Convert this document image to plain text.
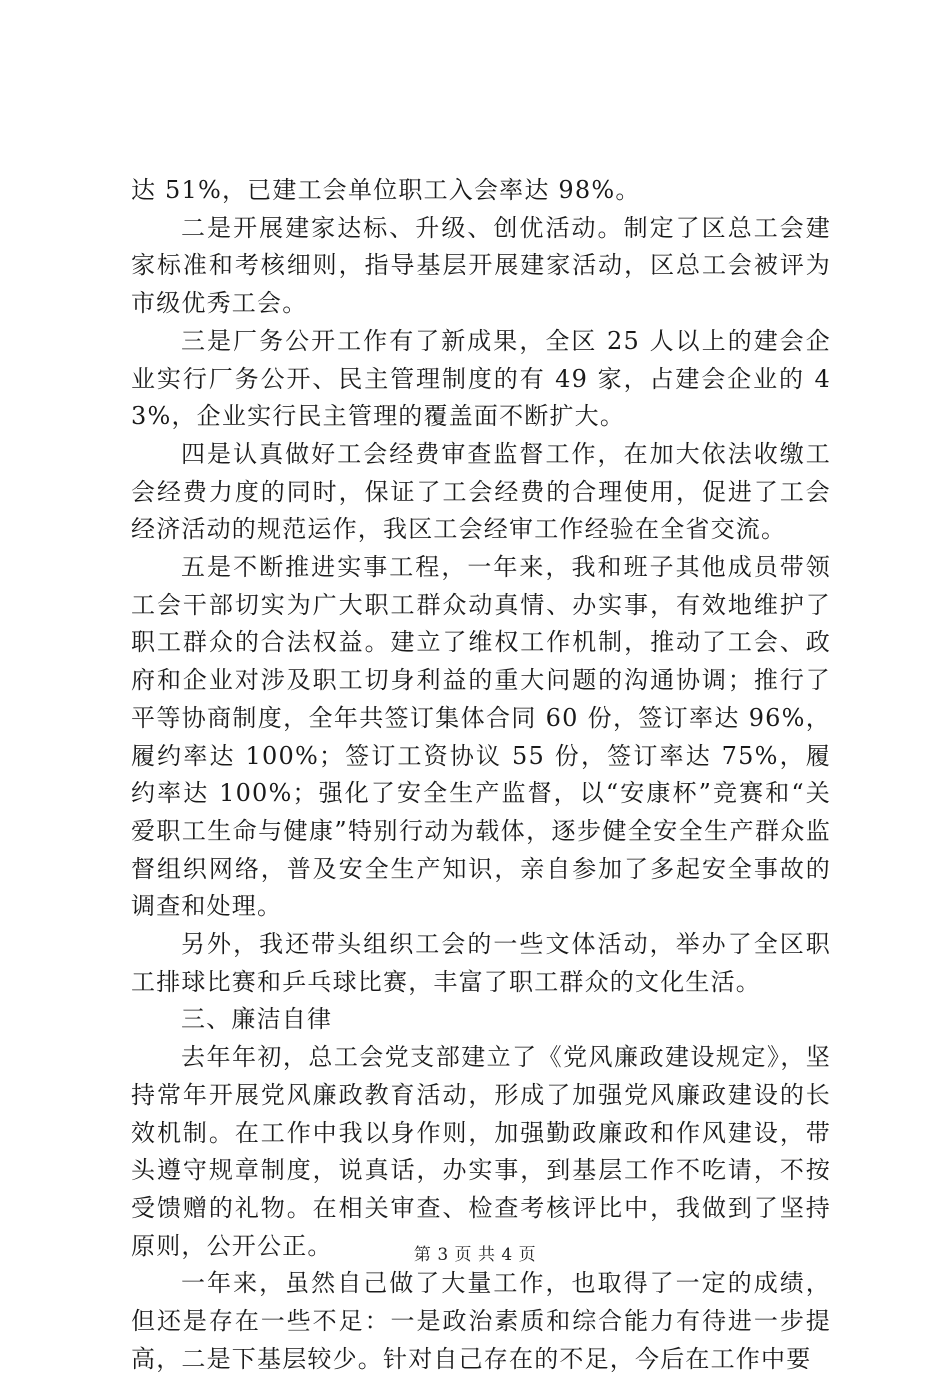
达 51%，已建工会单位职工入会率达 98%。

二是开展建家达标、升级、创优活动。制定了区总工会建家标准和考核细则，指导基层开展建家活动，区总工会被评为市级优秀工会。

三是厂务公开工作有了新成果，全区 25 人以上的建会企业实行厂务公开、民主管理制度的有 49 家，占建会企业的 43%，企业实行民主管理的覆盖面不断扩大。

四是认真做好工会经费审查监督工作，在加大依法收缴工会经费力度的同时，保证了工会经费的合理使用，促进了工会经济活动的规范运作，我区工会经审工作经验在全省交流。

五是不断推进实事工程，一年来，我和班子其他成员带领工会干部切实为广大职工群众动真情、办实事，有效地维护了职工群众的合法权益。建立了维权工作机制，推动了工会、政府和企业对涉及职工切身利益的重大问题的沟通协调；推行了平等协商制度，全年共签订集体合同 60 份，签订率达 96%，履约率达 100%；签订工资协议 55 份，签订率达 75%，履约率达 100%；强化了安全生产监督，以“安康杯”竞赛和“关爱职工生命与健康”特别行动为载体，逐步健全安全生产群众监督组织网络，普及安全生产知识，亲自参加了多起安全事故的调查和处理。

另外，我还带头组织工会的一些文体活动，举办了全区职工排球比赛和乒乓球比赛，丰富了职工群众的文化生活。

三、廉洁自律

去年年初，总工会党支部建立了《党风廉政建设规定》，坚持常年开展党风廉政教育活动，形成了加强党风廉政建设的长效机制。在工作中我以身作则，加强勤政廉政和作风建设，带头遵守规章制度，说真话，办实事，到基层工作不吃请，不按受馈赠的礼物。在相关审查、检查考核评比中，我做到了坚持原则，公开公正。

一年来，虽然自己做了大量工作，也取得了一定的成绩，但还是存在一些不足：一是政治素质和综合能力有待进一步提高，二是下基层较少。针对自己存在的不足，今后在工作中要

第 3 页 共 4 页
